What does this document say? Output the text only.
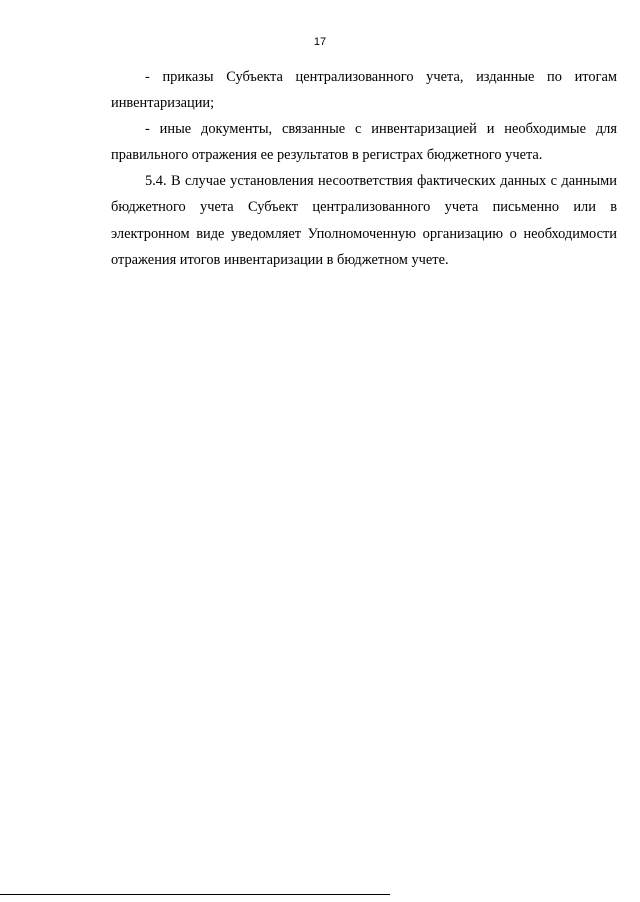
17

- приказы Субъекта централизованного учета, изданные по итогам инвентаризации;

- иные документы, связанные с инвентаризацией и необходимые для правильного отражения ее результатов в регистрах бюджетного учета.

5.4. В случае установления несоответствия фактических данных с данными бюджетного учета Субъект централизованного учета письменно или в электронном виде уведомляет Уполномоченную организацию о необходимости отражения итогов инвентаризации в бюджетном учете.
